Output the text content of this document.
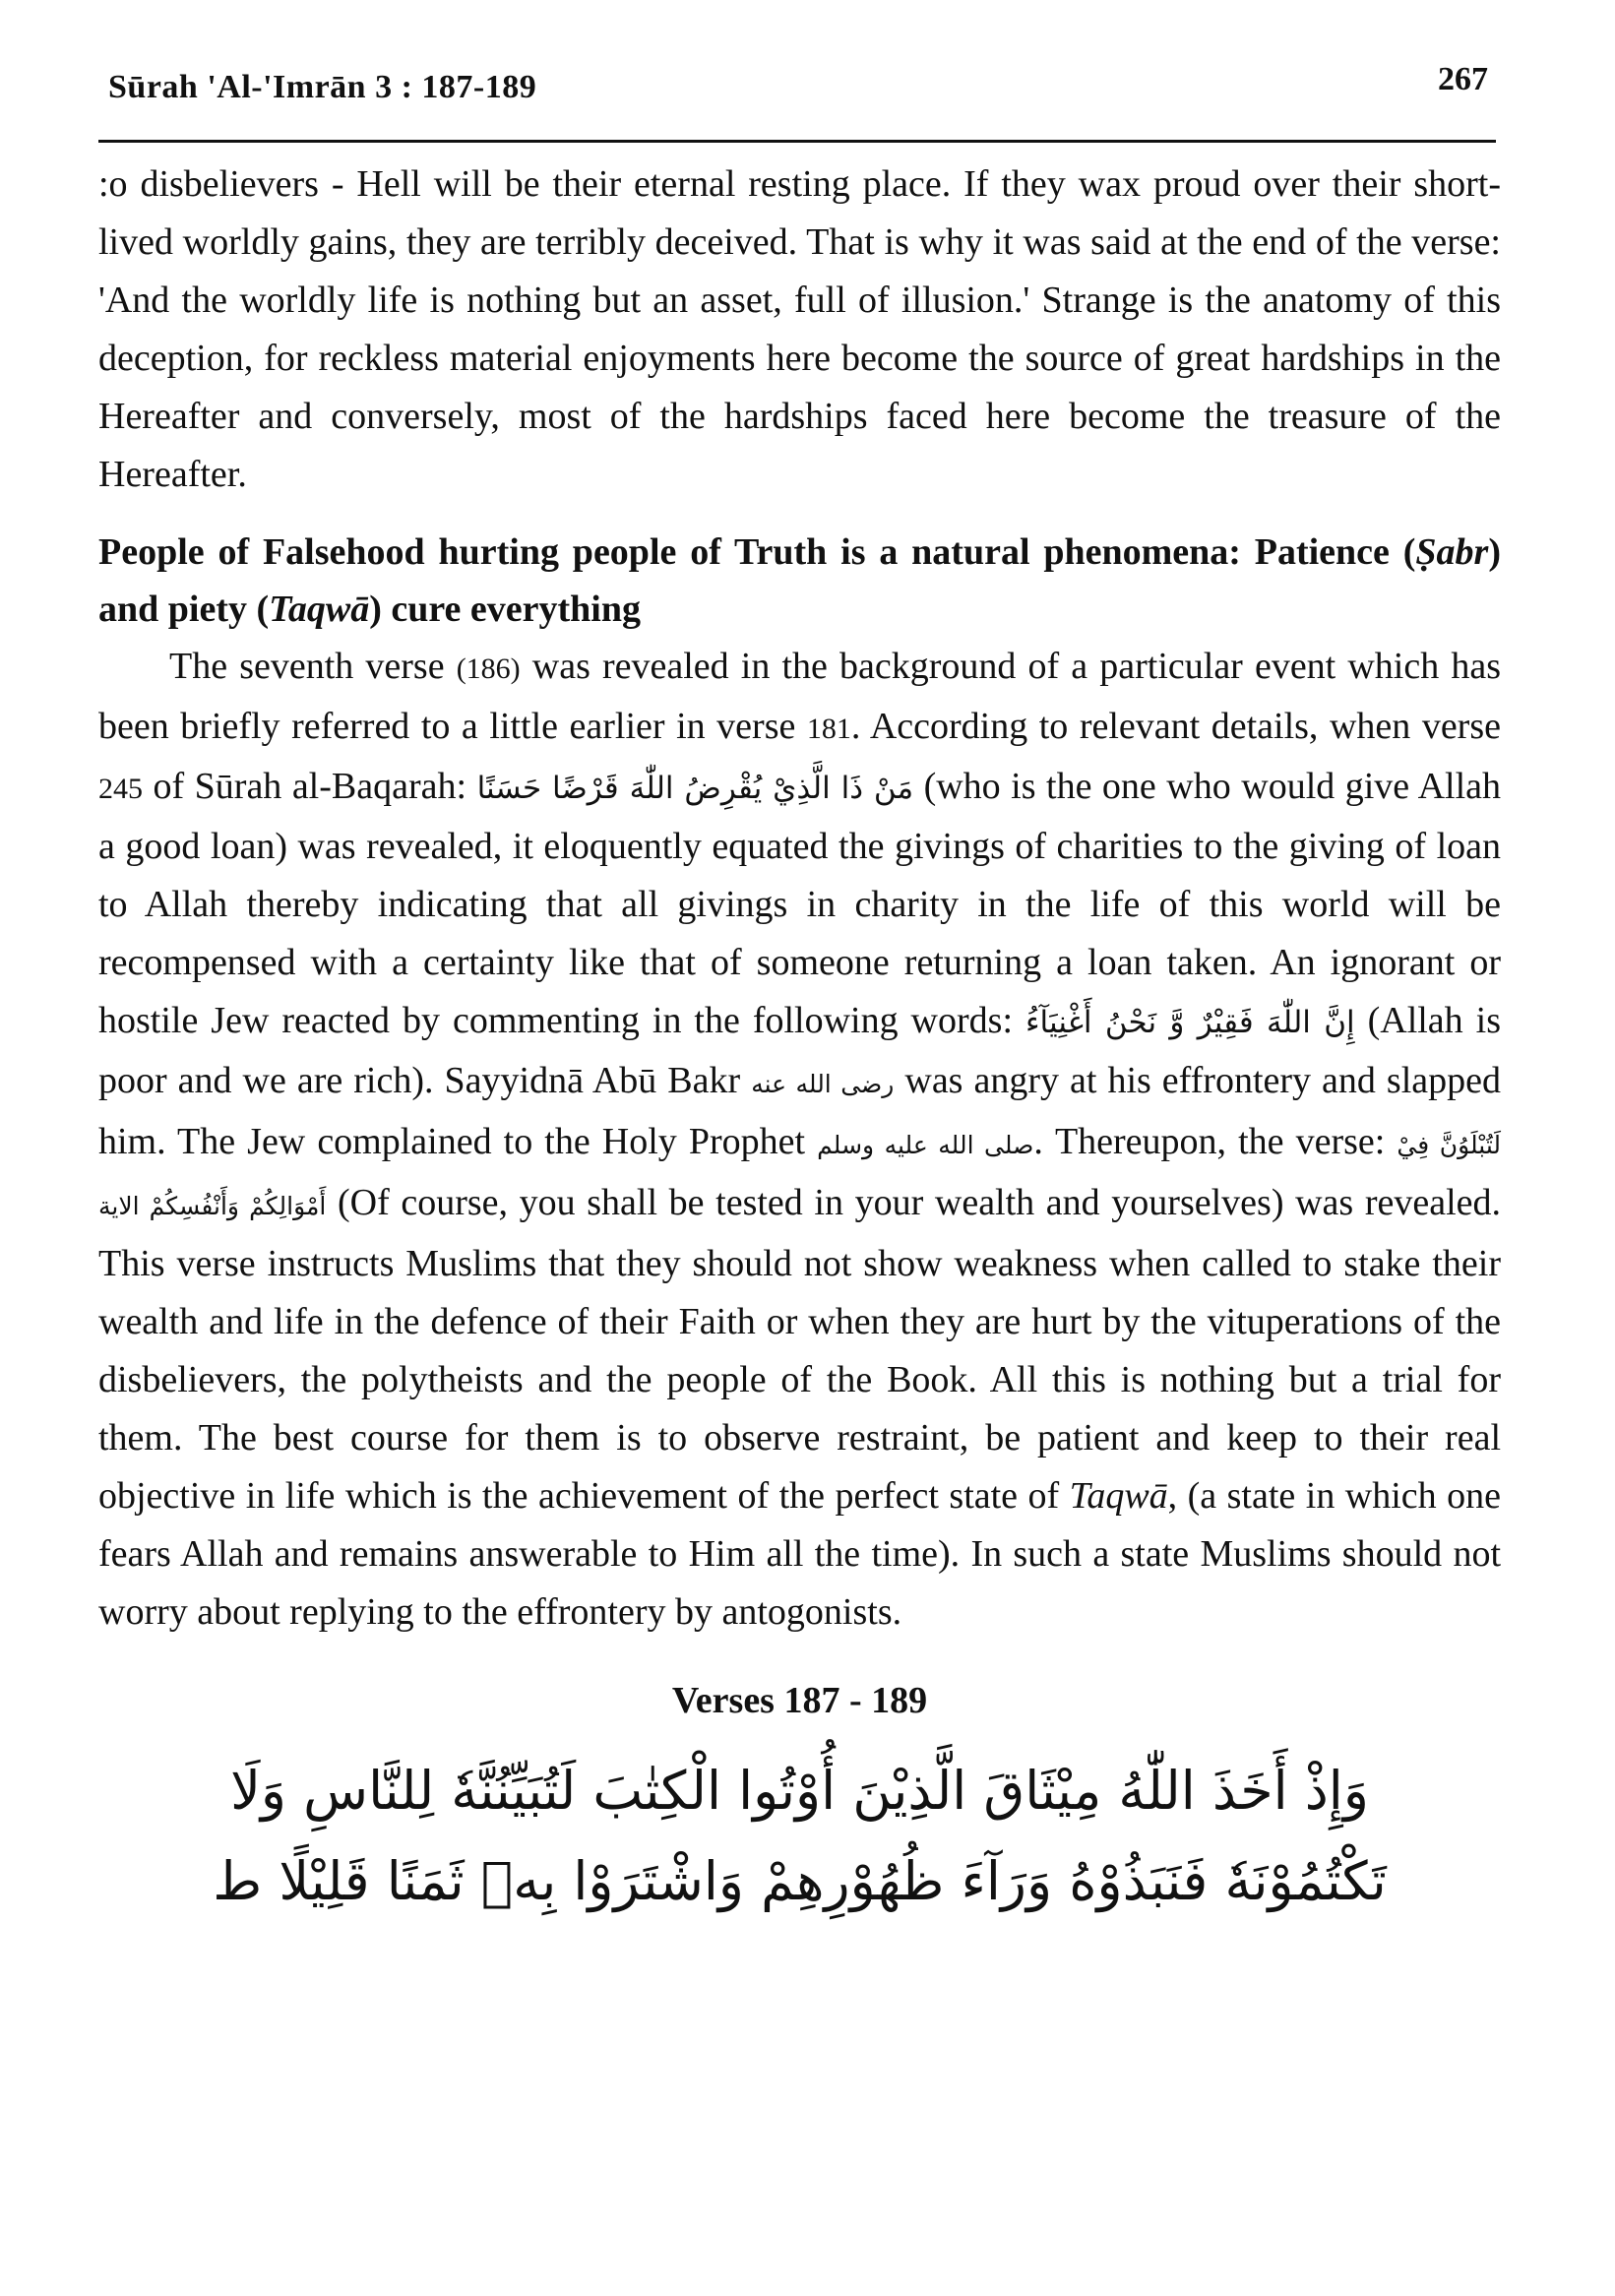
Sūrah 'Al-'Imrān 3 : 187-189	267

:o disbelievers - Hell will be their eternal resting place. If they wax proud over their short-lived worldly gains, they are terribly deceived. That is why it was said at the end of the verse: 'And the worldly life is nothing but an asset, full of illusion.' Strange is the anatomy of this deception, for reckless material enjoyments here become the source of great hardships in the Hereafter and conversely, most of the hardships faced here become the treasure of the Hereafter.

People of Falsehood hurting people of Truth is a natural phenomena: Patience (Ṣabr) and piety (Taqwā) cure everything

The seventh verse (186) was revealed in the background of a particular event which has been briefly referred to a little earlier in verse 181. According to relevant details, when verse 245 of Sūrah al-Baqarah: مَنْ ذَا الَّذِيْ يُقْرِضُ اللّٰهَ قَرْضًا حَسَنًا (who is the one who would give Allah a good loan) was revealed, it eloquently equated the givings of charities to the giving of loan to Allah thereby indicating that all givings in charity in the life of this world will be recompensed with a certainty like that of someone returning a loan taken. An ignorant or hostile Jew reacted by commenting in the following words: إِنَّ اللّٰهَ فَقِيْرٌ وَّ نَحْنُ أَغْنِيَآءُ (Allah is poor and we are rich). Sayyidnā Abū Bakr رضى الله عنه was angry at his effrontery and slapped him. The Jew complained to the Holy Prophet صلى الله عليه وسلم. Thereupon, the verse: لَتُبْلَوُنَّ فِيْ أَمْوَالِكُمْ وَأَنْفُسِكُمْ الاية (Of course, you shall be tested in your wealth and yourselves) was revealed. This verse instructs Muslims that they should not show weakness when called to stake their wealth and life in the defence of their Faith or when they are hurt by the vituperations of the disbelievers, the polytheists and the people of the Book. All this is nothing but a trial for them. The best course for them is to observe restraint, be patient and keep to their real objective in life which is the achievement of the perfect state of Taqwā, (a state in which one fears Allah and remains answerable to Him all the time). In such a state Muslims should not worry about replying to the effrontery by antogonists.

Verses 187 - 189
وَإِذْ أَخَذَ اللّٰهُ مِيْثَاقَ الَّذِيْنَ أُوْتُوا الْكِتٰبَ لَتُبَيِّنُنَّهٗ لِلنَّاسِ وَلَا
تَكْتُمُوْنَهٗ فَنَبَذُوْهُ وَرَآءَ ظُهُوْرِهِمْ وَاشْتَرَوْا بِهٖ ثَمَنًا قَلِيْلًا ط
